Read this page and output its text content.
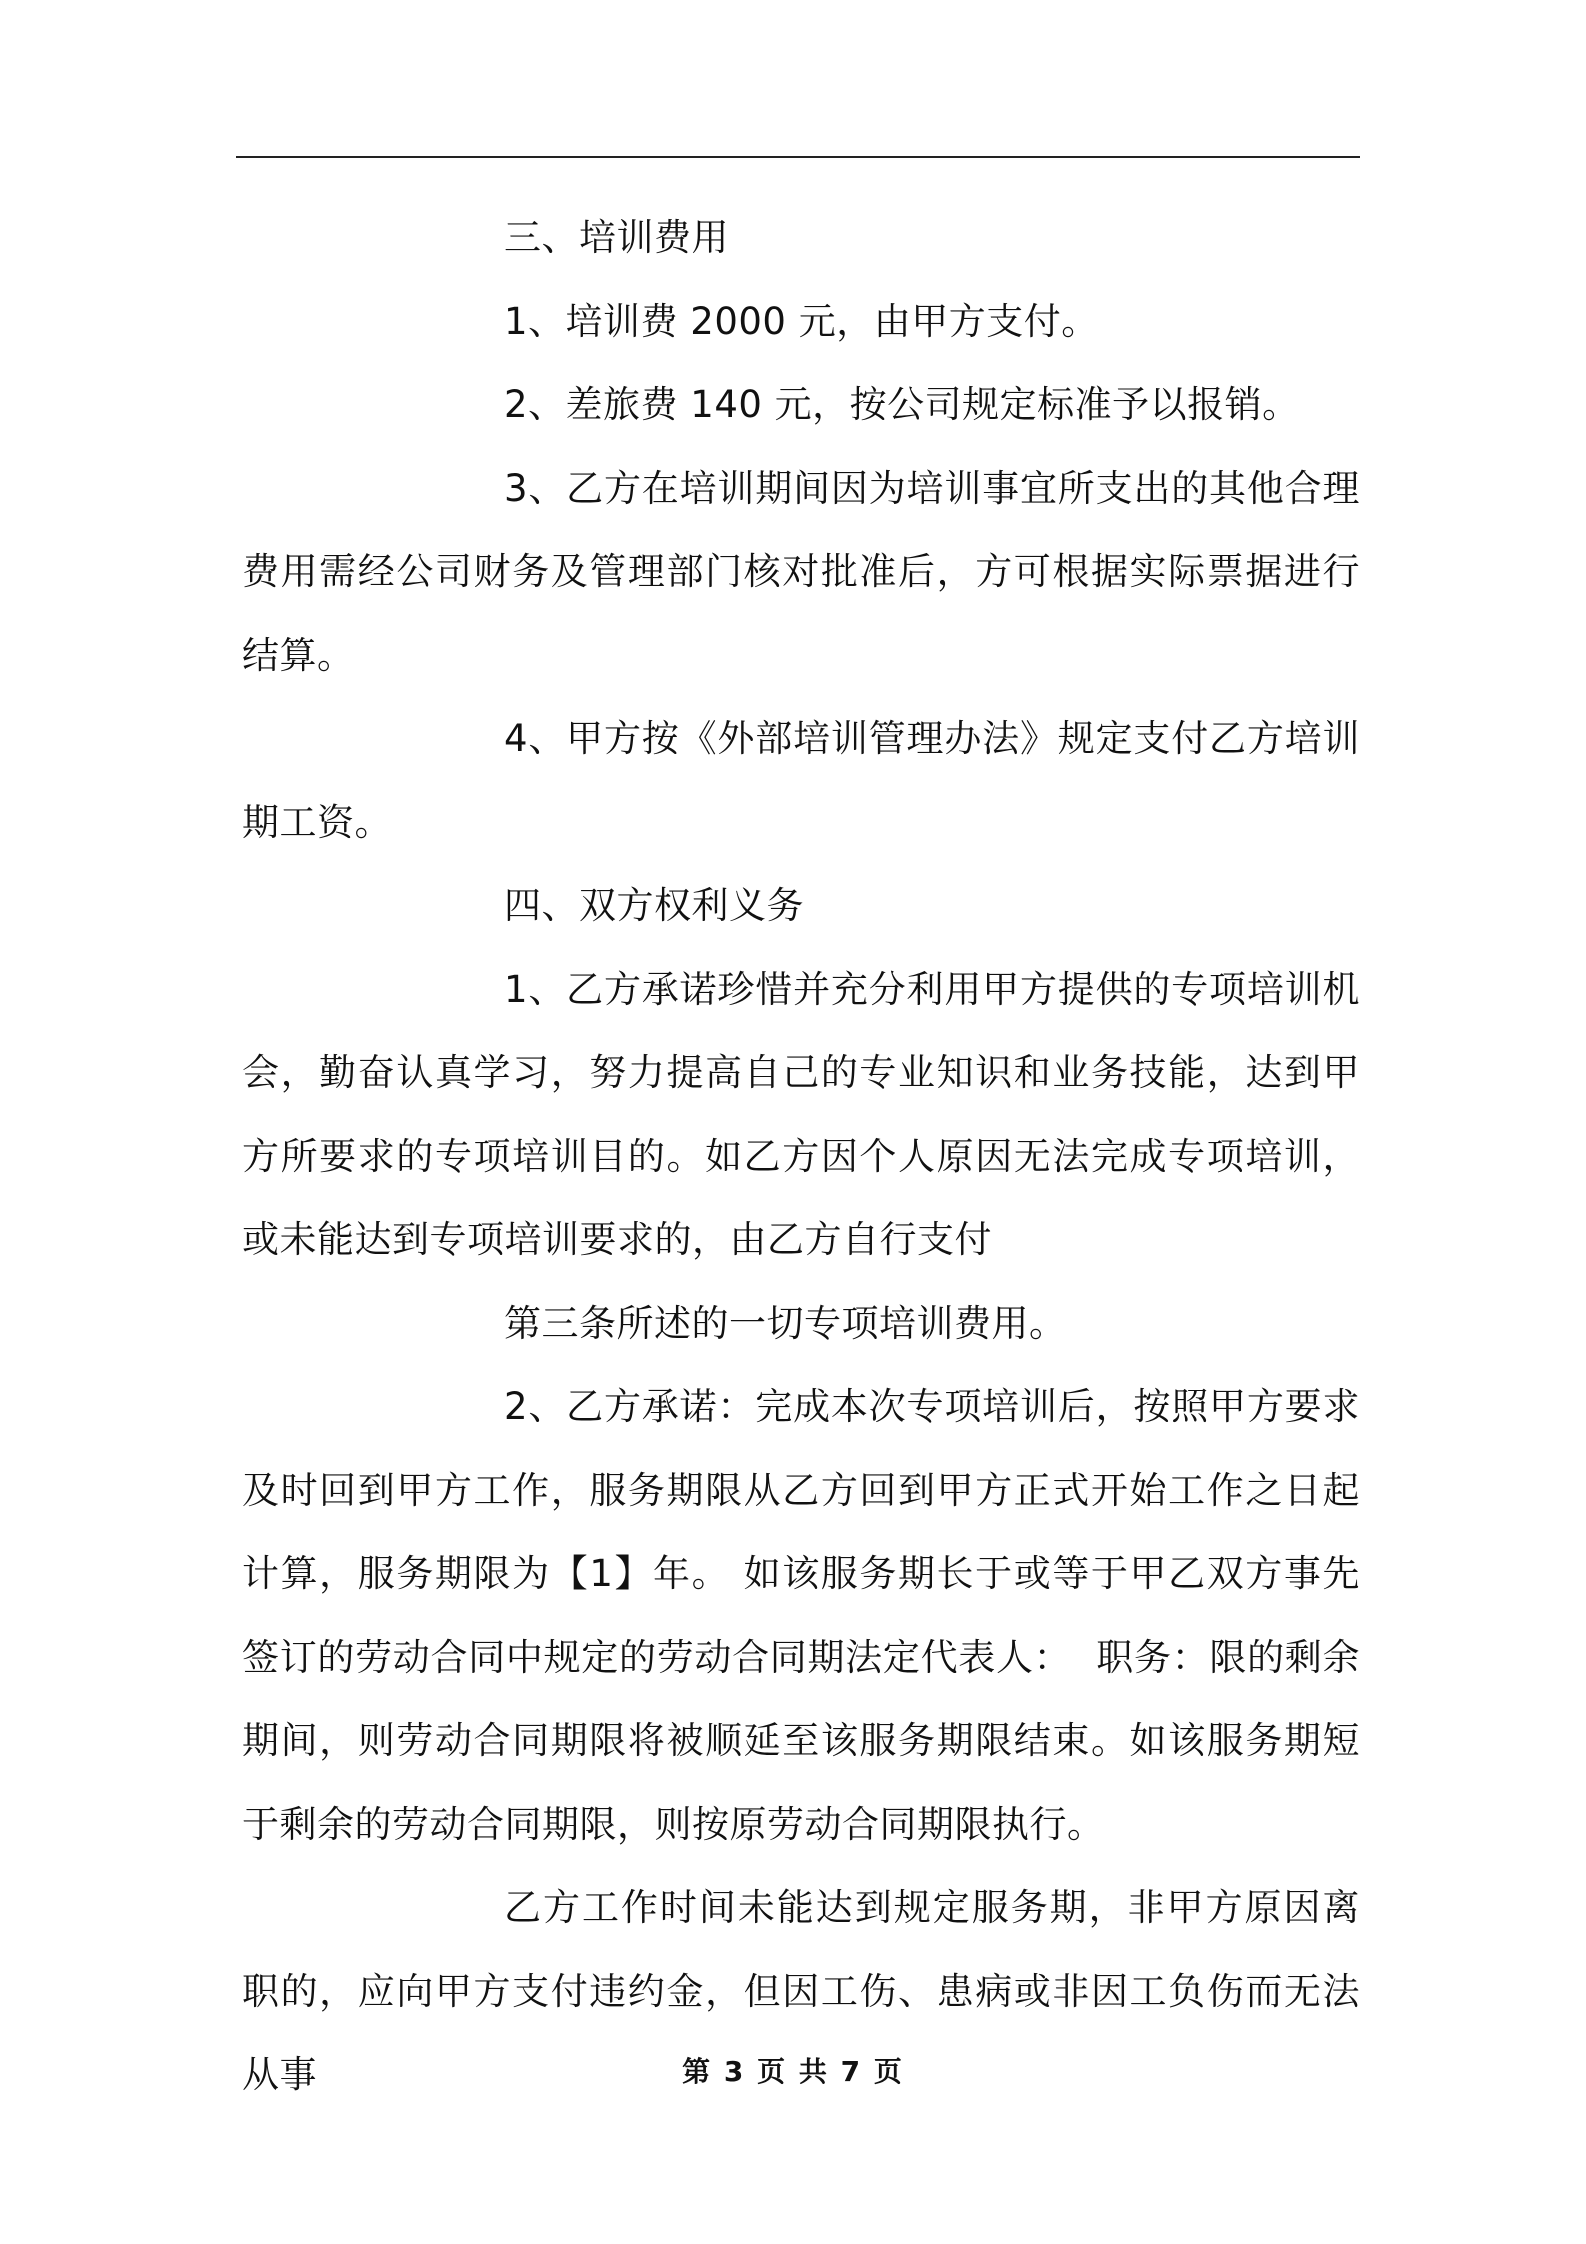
三、培训费用

1、培训费 2000 元，由甲方支付。

2、差旅费 140 元，按公司规定标准予以报销。

3、乙方在培训期间因为培训事宜所支出的其他合理费用需经公司财务及管理部门核对批准后，方可根据实际票据进行结算。

4、甲方按《外部培训管理办法》规定支付乙方培训期工资。

四、双方权利义务

1、乙方承诺珍惜并充分利用甲方提供的专项培训机会，勤奋认真学习，努力提高自己的专业知识和业务技能，达到甲方所要求的专项培训目的。如乙方因个人原因无法完成专项培训，或未能达到专项培训要求的，由乙方自行支付

第三条所述的一切专项培训费用。

2、乙方承诺：完成本次专项培训后，按照甲方要求及时回到甲方工作，服务期限从乙方回到甲方正式开始工作之日起计算，服务期限为【1】年。 如该服务期长于或等于甲乙双方事先签订的劳动合同中规定的劳动合同期法定代表人：  职务：限的剩余期间，则劳动合同期限将被顺延至该服务期限结束。如该服务期短于剩余的劳动合同期限，则按原劳动合同期限执行。

乙方工作时间未能达到规定服务期，非甲方原因离职的，应向甲方支付违约金，但因工伤、患病或非因工负伤而无法从事	第 3 页 共 7 页
